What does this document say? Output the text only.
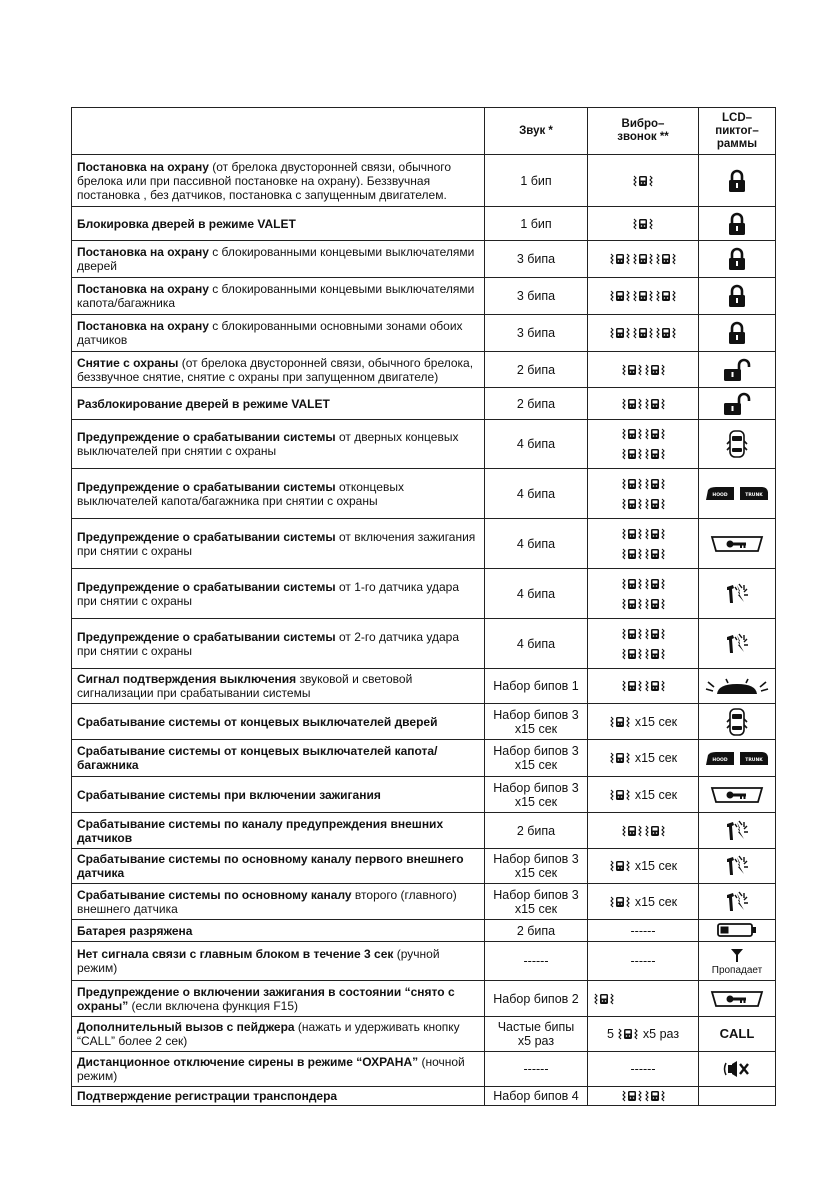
	Звук *	Вибро–
звонок **	LCD–
пиктог–
раммы
Постановка на охрану (от брелока двусторонней связи, обычного брелока или при пассивной постановке на охрану). Беззвучная постановка , без датчиков, постановка с запущенным двигателем.	1 бип	

Блокировка дверей в режиме VALET	1 бип	

Постановка на охрану с блокированными концевыми выключателями дверей	3 бипа	

Постановка на охрану с блокированными концевыми выключателями капота/багажника	3 бипа	

Постановка на охрану с блокированными основными зонами обоих датчиков	3 бипа	

Снятие с охраны (от брелока двусторонней связи, обычного брелока, беззвучное снятие, снятие с охраны при запущенном двигателе)	2 бипа	

Разблокирование дверей в режиме VALET	2 бипа	

Предупреждение о срабатывании системы от дверных концевых выключателей при снятии с охраны	4 бипа	

Предупреждение о срабатывании системы отконцевых выключателей капота/багажника при снятии с охраны	4 бипа		HOOD TRUNK

Предупреждение о срабатывании системы от включения зажигания при снятии с охраны	4 бипа	

Предупреждение о срабатывании системы от 1-го датчика удара при снятии с охраны	4 бипа	

Предупреждение о срабатывании системы от 2-го датчика удара при снятии с охраны	4 бипа	

Сигнал подтверждения выключения звуковой и световой сигнализации при срабатывании системы	Набор бипов 1	

Срабатывание системы от концевых выключателей дверей	Набор бипов 3 x15 сек	x15 сек

Срабатывание системы от концевых выключателей капота/багажника	Набор бипов 3 x15 сек	x15 сек	HOOD TRUNK

Срабатывание системы при включении зажигания	Набор бипов 3 x15 сек	x15 сек

Срабатывание системы по каналу предупреждения внешних датчиков	2 бипа	

Срабатывание системы по основному каналу первого внешнего датчика	Набор бипов 3 x15 сек	x15 сек

Срабатывание системы по основному каналу второго (главного) внешнего датчика	Набор бипов 3 x15 сек	x15 сек

Батарея разряжена	2 бипа	------

Нет сигнала связи с главным блоком в течение 3 сек (ручной режим)	------	------	Пропадает

Предупреждение о включении зажигания в состоянии “снято с охраны” (если включена функция F15)	Набор бипов 2	

Дополнительный вызов с пейджера (нажать и удерживать кнопку “CALL” более 2 сек)	Частые бипы x5 раз	5 x5 раз	CALL
Дистанционное отключение сирены в режиме “ОХРАНА” (ночной режим)	------	------

Подтверждение регистрации транспондера	Набор бипов 4	
